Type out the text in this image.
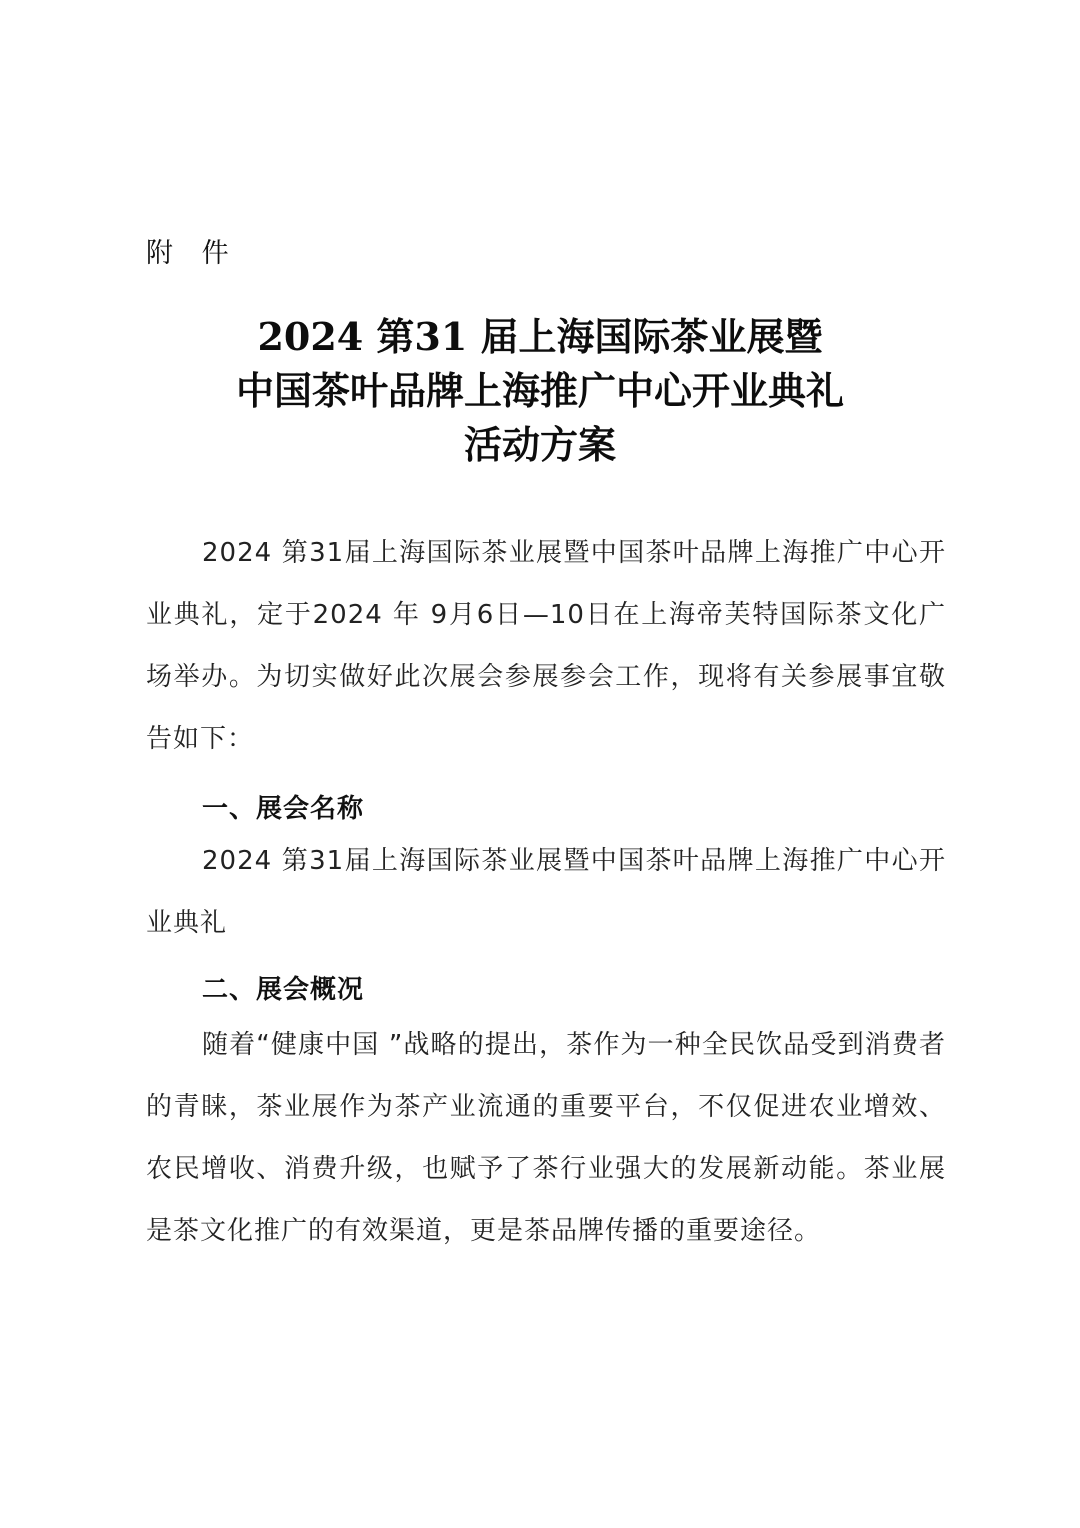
附 件
2024 第31 届上海国际茶业展暨
中国茶叶品牌上海推广中心开业典礼
活动方案

2024 第31届上海国际茶业展暨中国茶叶品牌上海推广中心开业典礼，定于2024 年 9月6日—10日在上海帝芙特国际茶文化广场举办。为切实做好此次展会参展参会工作，现将有关参展事宜敬告如下：

一、展会名称

2024 第31届上海国际茶业展暨中国茶叶品牌上海推广中心开业典礼

二、展会概况

随着“健康中国 ”战略的提出，茶作为一种全民饮品受到消费者的青睐，茶业展作为茶产业流通的重要平台，不仅促进农业增效、农民增收、消费升级，也赋予了茶行业强大的发展新动能。茶业展是茶文化推广的有效渠道，更是茶品牌传播的重要途径。
